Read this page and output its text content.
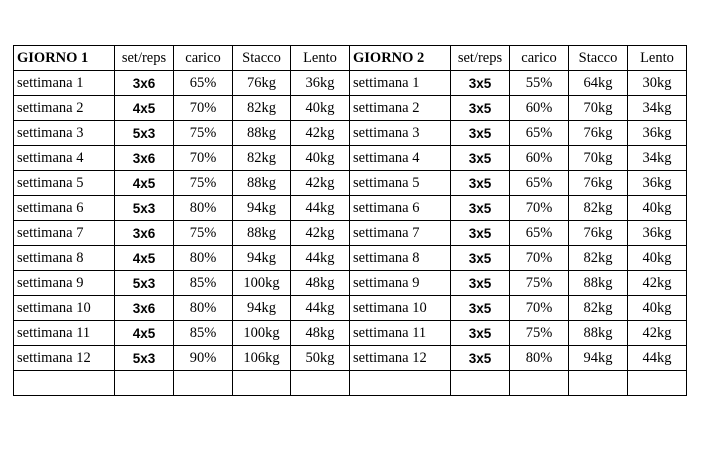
GIORNO 1	set/reps	carico	Stacco	Lento	GIORNO 2	set/reps	carico	Stacco	Lento
settimana 1	3x6	65%	76kg	36kg	settimana 1	3x5	55%	64kg	30kg
settimana 2	4x5	70%	82kg	40kg	settimana 2	3x5	60%	70kg	34kg
settimana 3	5x3	75%	88kg	42kg	settimana 3	3x5	65%	76kg	36kg
settimana 4	3x6	70%	82kg	40kg	settimana 4	3x5	60%	70kg	34kg
settimana 5	4x5	75%	88kg	42kg	settimana 5	3x5	65%	76kg	36kg
settimana 6	5x3	80%	94kg	44kg	settimana 6	3x5	70%	82kg	40kg
settimana 7	3x6	75%	88kg	42kg	settimana 7	3x5	65%	76kg	36kg
settimana 8	4x5	80%	94kg	44kg	settimana 8	3x5	70%	82kg	40kg
settimana 9	5x3	85%	100kg	48kg	settimana 9	3x5	75%	88kg	42kg
settimana 10	3x6	80%	94kg	44kg	settimana 10	3x5	70%	82kg	40kg
settimana 11	4x5	85%	100kg	48kg	settimana 11	3x5	75%	88kg	42kg
settimana 12	5x3	90%	106kg	50kg	settimana 12	3x5	80%	94kg	44kg
